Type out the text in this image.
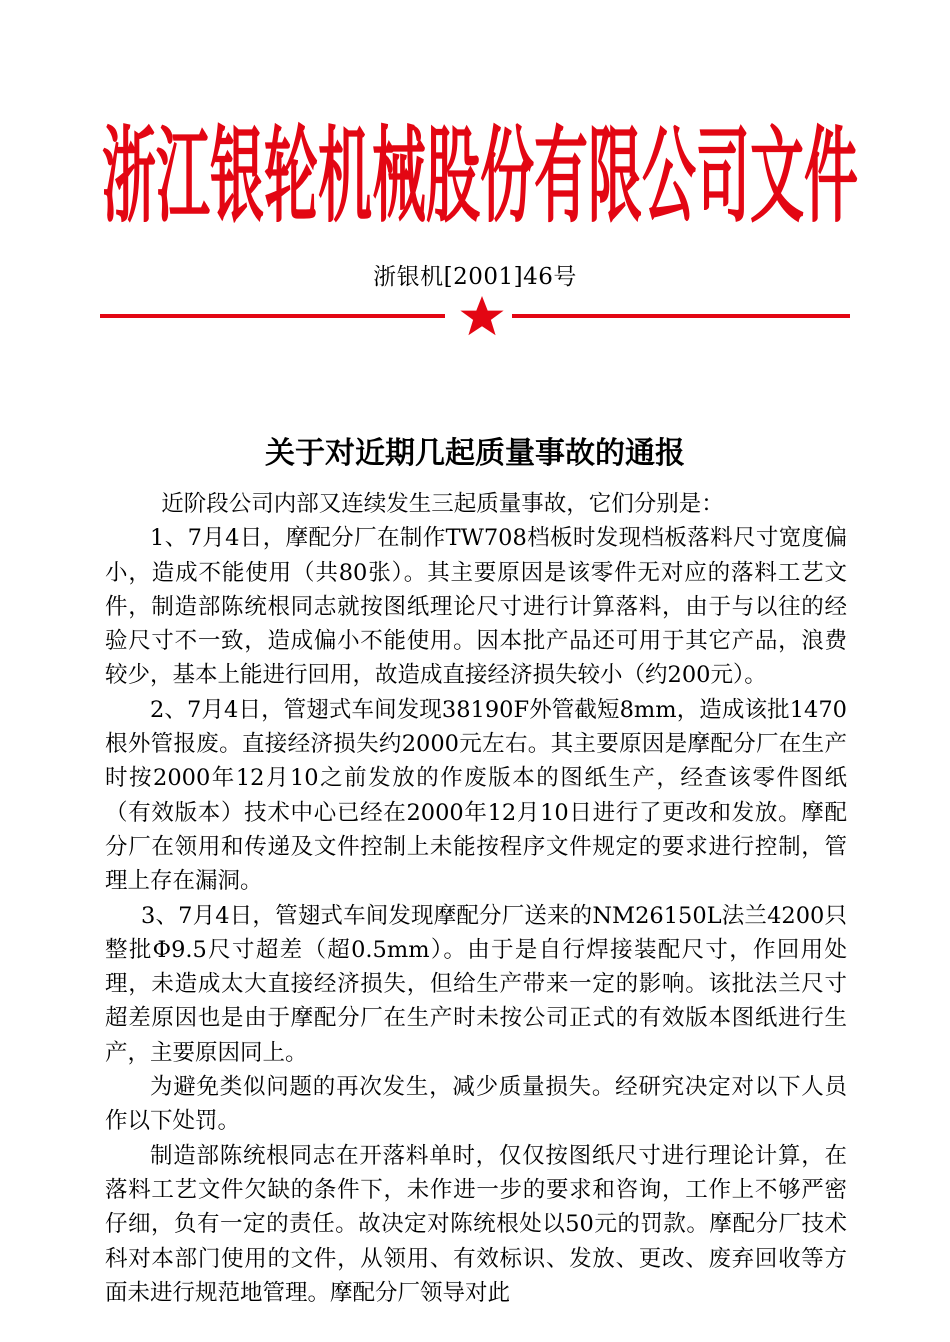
浙江银轮机械股份有限公司文件
浙银机[2001]46号
关于对近期几起质量事故的通报

近阶段公司内部又连续发生三起质量事故，它们分别是：

1、7月4日，摩配分厂在制作TW708档板时发现档板落料尺寸宽度偏小，造成不能使用（共80张）。其主要原因是该零件无对应的落料工艺文件，制造部陈统根同志就按图纸理论尺寸进行计算落料，由于与以往的经验尺寸不一致，造成偏小不能使用。因本批产品还可用于其它产品，浪费较少，基本上能进行回用，故造成直接经济损失较小（约200元）。

2、7月4日，管翅式车间发现38190F外管截短8mm，造成该批1470根外管报废。直接经济损失约2000元左右。其主要原因是摩配分厂在生产时按2000年12月10之前发放的作废版本的图纸生产，经查该零件图纸（有效版本）技术中心已经在2000年12月10日进行了更改和发放。摩配分厂在领用和传递及文件控制上未能按程序文件规定的要求进行控制，管理上存在漏洞。

3、7月4日，管翅式车间发现摩配分厂送来的NM26150L法兰4200只整批Φ9.5尺寸超差（超0.5mm）。由于是自行焊接装配尺寸，作回用处理，未造成太大直接经济损失，但给生产带来一定的影响。该批法兰尺寸超差原因也是由于摩配分厂在生产时未按公司正式的有效版本图纸进行生产，主要原因同上。

为避免类似问题的再次发生，减少质量损失。经研究决定对以下人员作以下处罚。

制造部陈统根同志在开落料单时，仅仅按图纸尺寸进行理论计算，在落料工艺文件欠缺的条件下，未作进一步的要求和咨询，工作上不够严密仔细，负有一定的责任。故决定对陈统根处以50元的罚款。摩配分厂技术科对本部门使用的文件，从领用、有效标识、发放、更改、废弃回收等方面未进行规范地管理。摩配分厂领导对此
